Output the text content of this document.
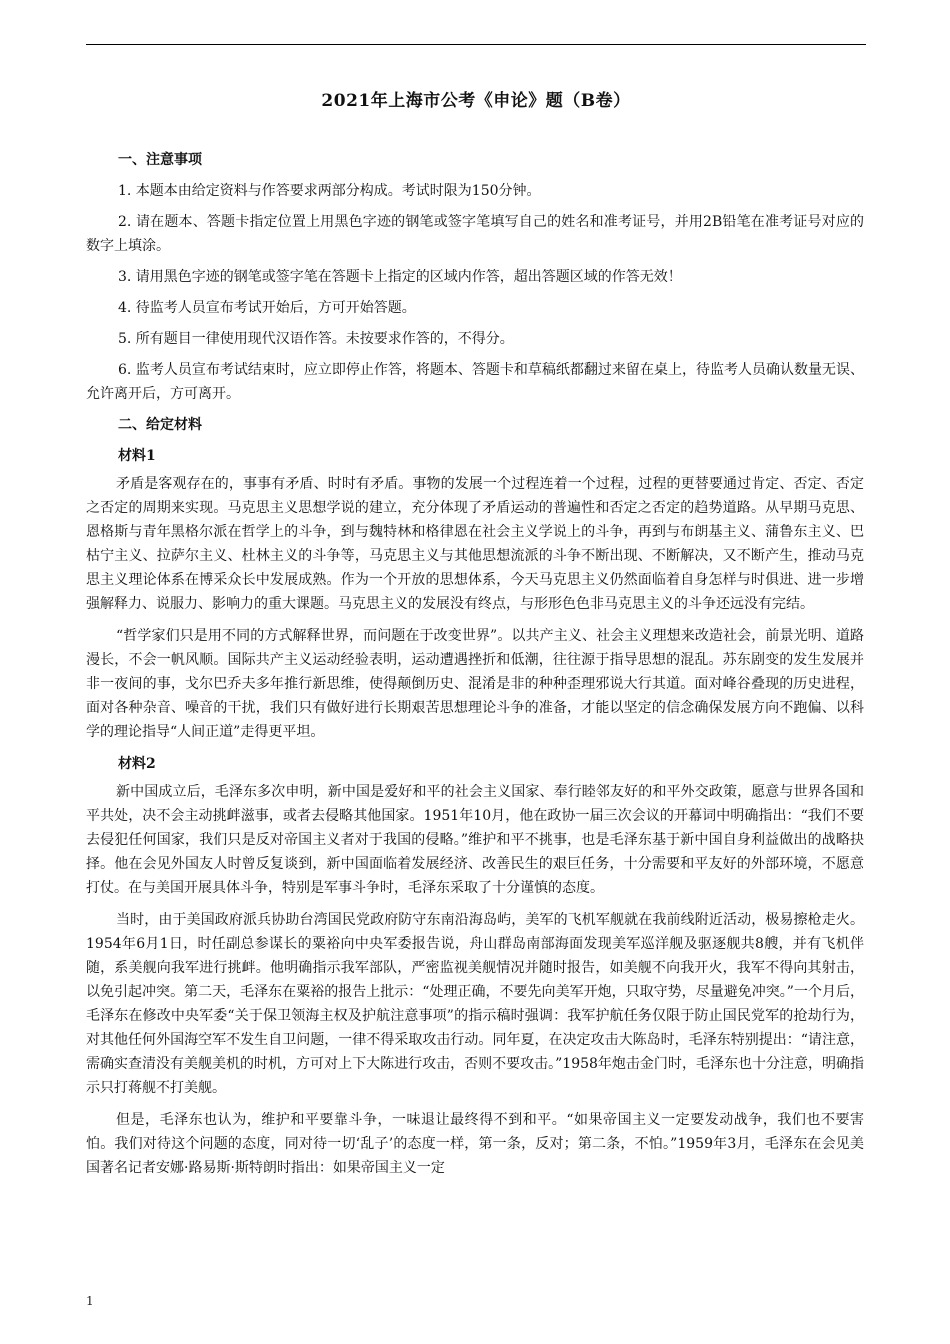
2021年上海市公考《申论》题（B卷）
一、注意事项

1. 本题本由给定资料与作答要求两部分构成。考试时限为150分钟。

2. 请在题本、答题卡指定位置上用黑色字迹的钢笔或签字笔填写自己的姓名和准考证号，并用2B铅笔在准考证号对应的数字上填涂。

3. 请用黑色字迹的钢笔或签字笔在答题卡上指定的区域内作答，超出答题区域的作答无效！

4. 待监考人员宣布考试开始后，方可开始答题。

5. 所有题目一律使用现代汉语作答。未按要求作答的，不得分。

6. 监考人员宣布考试结束时，应立即停止作答，将题本、答题卡和草稿纸都翻过来留在桌上，待监考人员确认数量无误、允许离开后，方可离开。

二、给定材料
材料1

矛盾是客观存在的，事事有矛盾、时时有矛盾。事物的发展一个过程连着一个过程，过程的更替要通过肯定、否定、否定之否定的周期来实现。马克思主义思想学说的建立，充分体现了矛盾运动的普遍性和否定之否定的趋势道路。从早期马克思、恩格斯与青年黑格尔派在哲学上的斗争，到与魏特林和格律恩在社会主义学说上的斗争，再到与布朗基主义、蒲鲁东主义、巴枯宁主义、拉萨尔主义、杜林主义的斗争等，马克思主义与其他思想流派的斗争不断出现、不断解决，又不断产生，推动马克思主义理论体系在博采众长中发展成熟。作为一个开放的思想体系，今天马克思主义仍然面临着自身怎样与时俱进、进一步增强解释力、说服力、影响力的重大课题。马克思主义的发展没有终点，与形形色色非马克思主义的斗争还远没有完结。

“哲学家们只是用不同的方式解释世界，而问题在于改变世界”。以共产主义、社会主义理想来改造社会，前景光明、道路漫长，不会一帆风顺。国际共产主义运动经验表明，运动遭遇挫折和低潮，往往源于指导思想的混乱。苏东剧变的发生发展并非一夜间的事，戈尔巴乔夫多年推行新思维，使得颠倒历史、混淆是非的种种歪理邪说大行其道。面对峰谷叠现的历史进程，面对各种杂音、噪音的干扰，我们只有做好进行长期艰苦思想理论斗争的准备，才能以坚定的信念确保发展方向不跑偏、以科学的理论指导“人间正道”走得更平坦。

材料2

新中国成立后，毛泽东多次申明，新中国是爱好和平的社会主义国家、奉行睦邻友好的和平外交政策，愿意与世界各国和平共处，决不会主动挑衅滋事，或者去侵略其他国家。1951年10月，他在政协一届三次会议的开幕词中明确指出：“我们不要去侵犯任何国家，我们只是反对帝国主义者对于我国的侵略。”维护和平不挑事，也是毛泽东基于新中国自身利益做出的战略抉择。他在会见外国友人时曾反复谈到，新中国面临着发展经济、改善民生的艰巨任务，十分需要和平友好的外部环境，不愿意打仗。在与美国开展具体斗争，特别是军事斗争时，毛泽东采取了十分谨慎的态度。

当时，由于美国政府派兵协助台湾国民党政府防守东南沿海岛屿，美军的飞机军舰就在我前线附近活动，极易擦枪走火。1954年6月1日，时任副总参谋长的粟裕向中央军委报告说，舟山群岛南部海面发现美军巡洋舰及驱逐舰共8艘，并有飞机伴随，系美舰向我军进行挑衅。他明确指示我军部队，严密监视美舰情况并随时报告，如美舰不向我开火，我军不得向其射击，以免引起冲突。第二天，毛泽东在粟裕的报告上批示：“处理正确，不要先向美军开炮，只取守势，尽量避免冲突。”一个月后，毛泽东在修改中央军委“关于保卫领海主权及护航注意事项”的指示稿时强调：我军护航任务仅限于防止国民党军的抢劫行为，对其他任何外国海空军不发生自卫问题，一律不得采取攻击行动。同年夏，在决定攻击大陈岛时，毛泽东特别提出：“请注意，需确实查清没有美舰美机的时机，方可对上下大陈进行攻击，否则不要攻击。”1958年炮击金门时，毛泽东也十分注意，明确指示只打蒋舰不打美舰。

但是，毛泽东也认为，维护和平要靠斗争，一味退让最终得不到和平。“如果帝国主义一定要发动战争，我们也不要害怕。我们对待这个问题的态度，同对待一切‘乱子’的态度一样，第一条，反对；第二条，不怕。”1959年3月，毛泽东在会见美国著名记者安娜·路易斯·斯特朗时指出：如果帝国主义一定

1
